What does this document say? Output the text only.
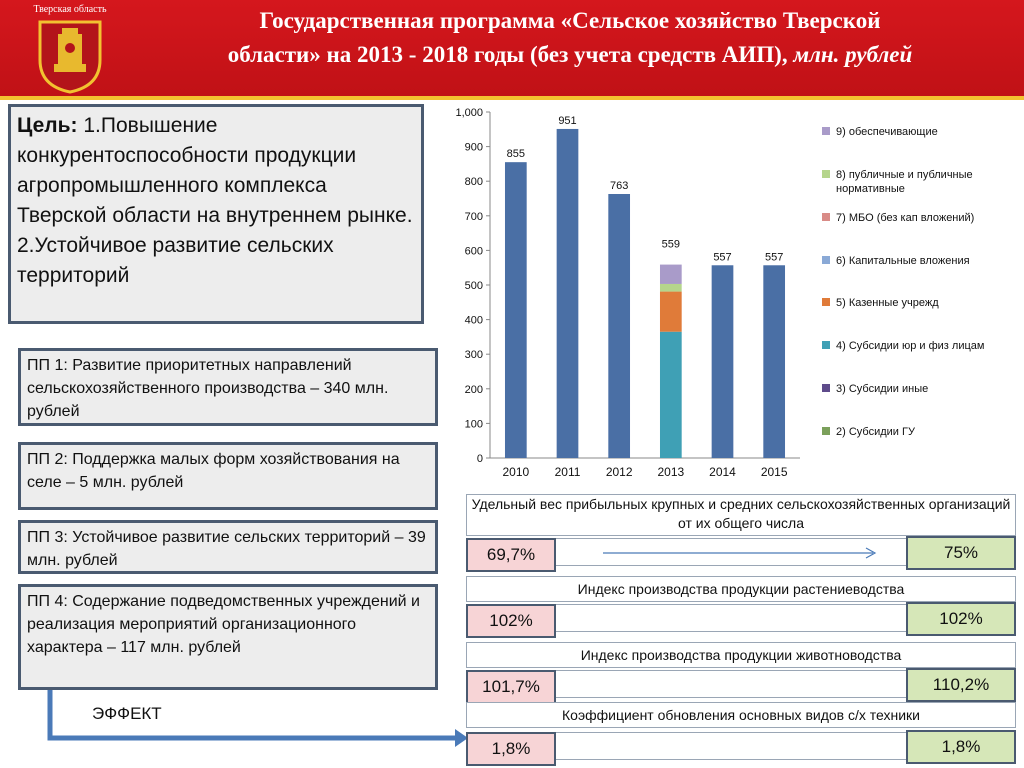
Тверская область	Государственная программа «Сельское хозяйство Тверской
области» на 2013 - 2018 годы (без учета средств АИП), млн. рублей
Цель: 1.Повышение конкурентоспособности продукции агропромышленного комплекса Тверской области на внутреннем рынке.
2.Устойчивое развитие сельских территорий
ПП 1: Развитие приоритетных направлений сельскохозяйственного производства – 340 млн. рублей
ПП 2: Поддержка малых форм хозяйствования на селе – 5 млн. рублей
ПП 3: Устойчивое развитие сельских территорий – 39 млн. рублей
ПП 4: Содержание подведомственных учреждений и реализация мероприятий организационного характера – 117 млн. рублей
ЭФФЕКТ
Удельный вес прибыльных крупных и средних сельскохозяйственных организаций от их общего числа
69,7%	75%
Индекс производства продукции растениеводства
102%	102%
Индекс производства продукции животноводства
101,7%	110,2%
Коэффициент обновления основных видов с/х техники
1,8%	1,8%
0
100
200
300
400
500
600
700
800
900
1,000
2010
855
2011
951
2012
763
2013
559
2014
557
2015
557
9) обеспечивающие
8) публичные и публичные
нормативные
7) МБО (без кап вложений)
6) Капитальные вложения
5) Казенные учрежд
4) Субсидии юр и физ лицам
3) Субсидии иные
2) Субсидии ГУ
